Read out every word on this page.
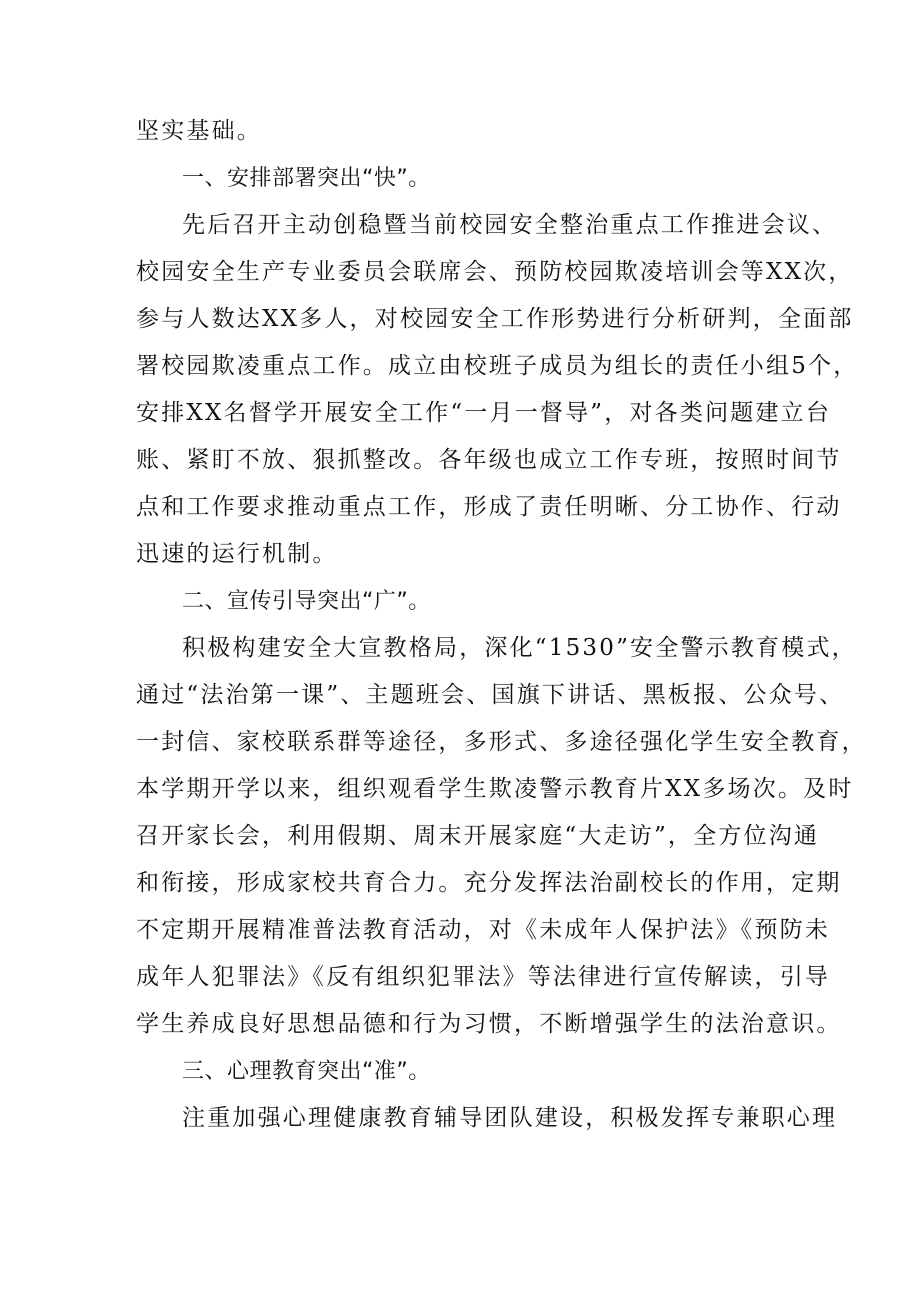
坚实基础。
一、安排部署突出“快”。
先后召开主动创稳暨当前校园安全整治重点工作推进会议、
校园安全生产专业委员会联席会、预防校园欺凌培训会等XX次，
参与人数达XX多人，对校园安全工作形势进行分析研判，全面部
署校园欺凌重点工作。成立由校班子成员为组长的责任小组5个，
安排XX名督学开展安全工作“一月一督导”，对各类问题建立台
账、紧盯不放、狠抓整改。各年级也成立工作专班，按照时间节
点和工作要求推动重点工作，形成了责任明晰、分工协作、行动
迅速的运行机制。
二、宣传引导突出“广”。
积极构建安全大宣教格局，深化“1530”安全警示教育模式，
通过“法治第一课”、主题班会、国旗下讲话、黑板报、公众号、
一封信、家校联系群等途径，多形式、多途径强化学生安全教育，
本学期开学以来，组织观看学生欺凌警示教育片XX多场次。及时
召开家长会，利用假期、周末开展家庭“大走访”，全方位沟通
和衔接，形成家校共育合力。充分发挥法治副校长的作用，定期
不定期开展精准普法教育活动，对《未成年人保护法》《预防未
成年人犯罪法》《反有组织犯罪法》等法律进行宣传解读，引导
学生养成良好思想品德和行为习惯，不断增强学生的法治意识。
三、心理教育突出“准”。
注重加强心理健康教育辅导团队建设，积极发挥专兼职心理
